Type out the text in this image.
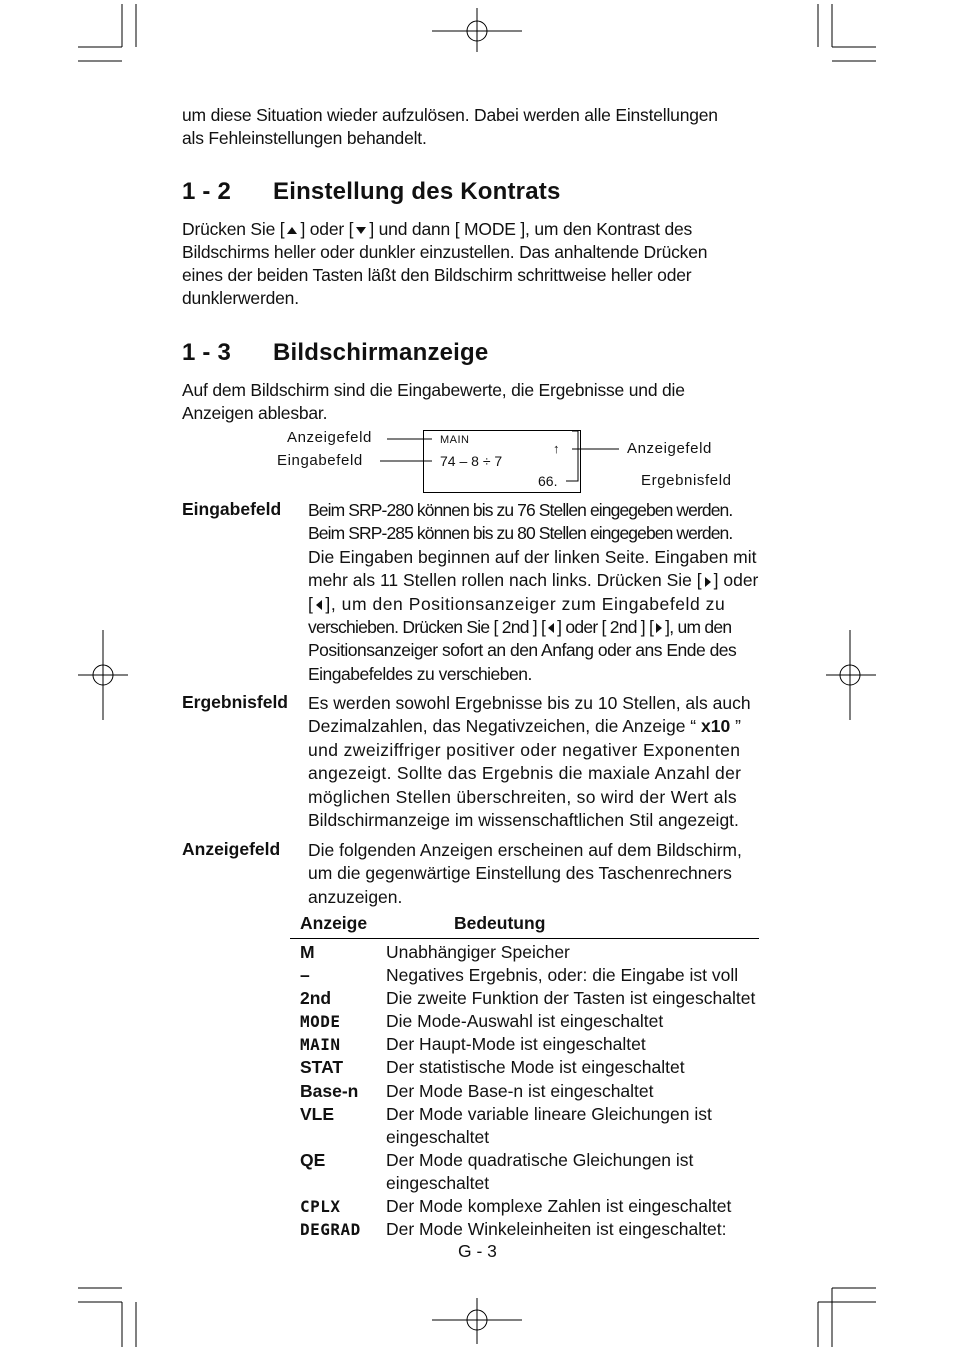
um diese Situation wieder aufzulösen. Dabei werden alle Einstellungen
als Fehleinstellungen behandelt.
1 - 2 Einstellung des Kontrats
Drücken Sie [ ] oder [ ] und dann [ MODE ], um den Kontrast des
Bildschirms heller oder dunkler einzustellen. Das anhaltende Drücken
eines der beiden Tasten läßt den Bildschirm schrittweise heller oder
dunklerwerden.
1 - 3 Bildschirmanzeige
Auf dem Bildschirm sind die Eingabewerte, die Ergebnisse und die
Anzeigen ablesbar.
Anzeigefeld
Eingabefeld
Anzeigefeld
Ergebnisfeld
MAIN
↑
74 – 8 ÷ 7
66.
Eingabefeld Beim SRP-280 können bis zu 76 Stellen eingegeben werden.
Beim SRP-285 können bis zu 80 Stellen eingegeben werden.
Die Eingaben beginnen auf der linken Seite. Eingaben mit
mehr als 11 Stellen rollen nach links. Drücken Sie [ ] oder
[ ], um den Positionsanzeiger zum Eingabefeld zu
verschieben. Drücken Sie [ 2nd ] [ ] oder [ 2nd ] [ ], um den
Positionsanzeiger sofort an den Anfang oder ans Ende des
Eingabefeldes zu verschieben.
Ergebnisfeld Es werden sowohl Ergebnisse bis zu 10 Stellen, als auch
Dezimalzahlen, das Negativzeichen, die Anzeige “ x10 ”
und zweiziffriger positiver oder negativer Exponenten
angezeigt. Sollte das Ergebnis die maxiale Anzahl der
möglichen Stellen überschreiten, so wird der Wert als
Bildschirmanzeige im wissenschaftlichen Stil angezeigt.
Anzeigefeld Die folgenden Anzeigen erscheinen auf dem Bildschirm,
um die gegenwärtige Einstellung des Taschenrechners
anzuzeigen.
Anzeige	Bedeutung
M	Unabhängiger Speicher
–	Negatives Ergebnis, oder: die Eingabe ist voll
2nd	Die zweite Funktion der Tasten ist eingeschaltet
MODE	Die Mode-Auswahl ist eingeschaltet
MAIN	Der Haupt-Mode ist eingeschaltet
STAT	Der statistische Mode ist eingeschaltet
Base-n	Der Mode Base-n ist eingeschaltet
VLE	Der Mode variable lineare Gleichungen ist eingeschaltet
QE	Der Mode quadratische Gleichungen ist eingeschaltet
CPLX	Der Mode komplexe Zahlen ist eingeschaltet
DEGRAD	Der Mode Winkeleinheiten ist eingeschaltet:
G - 3
